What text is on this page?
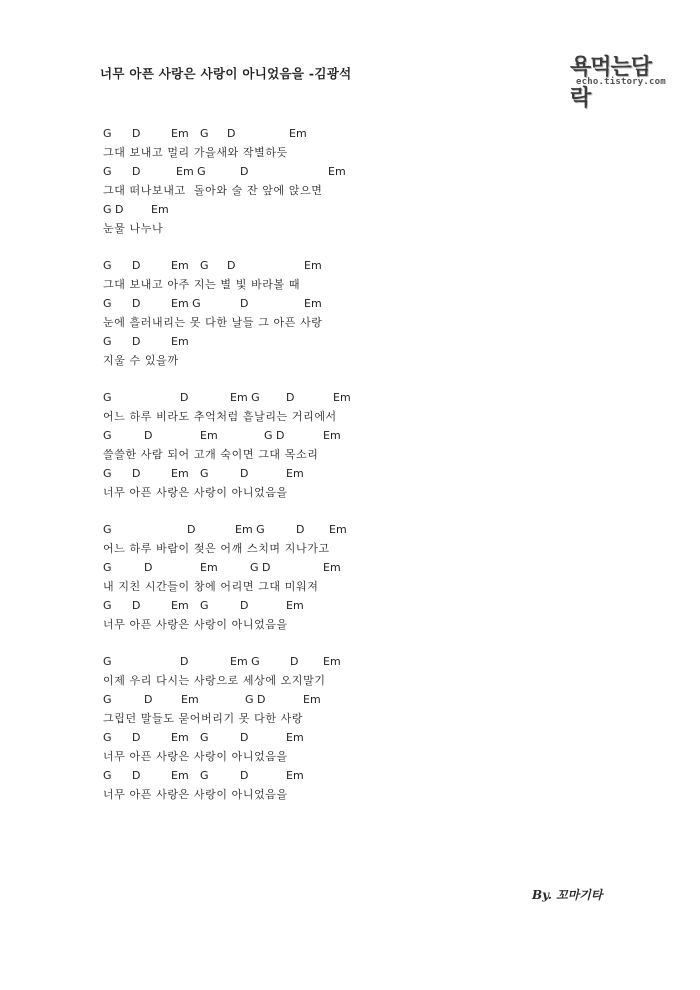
너무 아픈 사랑은 사랑이 아니었음을 -김광석	욕먹는담락
echo.tistory.com
G D	Em G D	Em
그대 보내고 멀리 가을새와 작별하듯
G D	Em G	D	Em
그대 떠나보내고  돌아와 술 잔 앞에 앉으면
G D	Em
눈물 나누나
G D	Em G D	Em
그대 보내고 아주 지는 별 빛 바라볼 때
G D	Em G	D	Em
눈에 흘러내리는 못 다한 날들 그 아픈 사랑
G D	Em
지울 수 있을까
G	D	Em G D	Em
어느 하루 비라도 추억처럼 흩날리는 거리에서
G	D	Em	G D	Em
쓸쓸한 사람 되어 고개 숙이면 그대 목소리
G D	Em G	D	Em
너무 아픈 사랑은 사랑이 아니었음을
G	D	Em G	D Em
어느 하루 바람이 젖은 어깨 스치며 지나가고
G	D	Em	G D	Em
내 지친 시간들이 창에 어리면 그대 미워져
G D	Em G	D	Em
너무 아픈 사랑은 사랑이 아니었음을
G	D	Em G	D Em
이제 우리 다시는 사랑으로 세상에 오지말기
G	D	Em	G D	Em
그립던 말들도 묻어버리기 못 다한 사랑
G D	Em G	D	Em
너무 아픈 사랑은 사랑이 아니었음을
G D	Em G	D	Em
너무 아픈 사랑은 사랑이 아니었음을
By. 꼬마기타
